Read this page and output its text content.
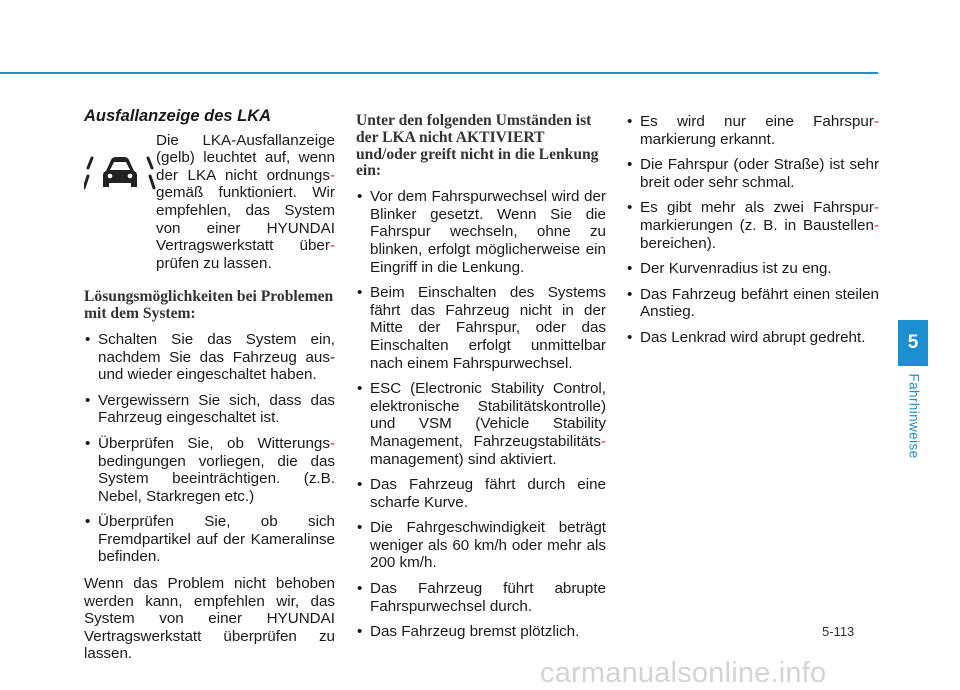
Ausfallanzeige des LKA

Die LKA-Ausfallanzeige (gelb) leuchtet auf, wenn der LKA nicht ordnungs- gemäß funktioniert. Wir empfehlen, das System von einer HYUNDAI Vertragswerkstatt über- prüfen zu lassen.

Lösungsmöglichkeiten bei Problemen mit dem System:

• Schalten Sie das System ein, nachdem Sie das Fahrzeug aus- und wieder eingeschaltet haben.
• Vergewissern Sie sich, dass das Fahrzeug eingeschaltet ist.
• Überprüfen Sie, ob Witterungs- bedingungen vorliegen, die das System beeinträchtigen. (z.B. Nebel, Starkregen etc.)
• Überprüfen Sie, ob sich Fremdpartikel auf der Kameralinse befinden.

Wenn das Problem nicht behoben werden kann, empfehlen wir, das System von einer HYUNDAI Vertragswerkstatt überprüfen zu lassen.

Unter den folgenden Umständen ist der LKA nicht AKTIVIERT und/oder greift nicht in die Lenkung ein:

• Vor dem Fahrspurwechsel wird der Blinker gesetzt. Wenn Sie die Fahrspur wechseln, ohne zu blinken, erfolgt möglicherweise ein Eingriff in die Lenkung.
• Beim Einschalten des Systems fährt das Fahrzeug nicht in der Mitte der Fahrspur, oder das Einschalten erfolgt unmittelbar nach einem Fahrspurwechsel.
• ESC (Electronic Stability Control, elektronische Stabilitätskontrolle) und VSM (Vehicle Stability Management, Fahrzeugstabilitäts- management) sind aktiviert.
• Das Fahrzeug fährt durch eine scharfe Kurve.
• Die Fahrgeschwindigkeit beträgt weniger als 60 km/h oder mehr als 200 km/h.
• Das Fahrzeug führt abrupte Fahrspurwechsel durch.
• Das Fahrzeug bremst plötzlich.
• Es wird nur eine Fahrspur- markierung erkannt.
• Die Fahrspur (oder Straße) ist sehr breit oder sehr schmal.
• Es gibt mehr als zwei Fahrspur- markierungen (z. B. in Baustellen- bereichen).
• Der Kurvenradius ist zu eng.
• Das Fahrzeug befährt einen steilen Anstieg.
• Das Lenkrad wird abrupt gedreht.	5
Fahrhinweise
5-113
carmanualsonline.info
